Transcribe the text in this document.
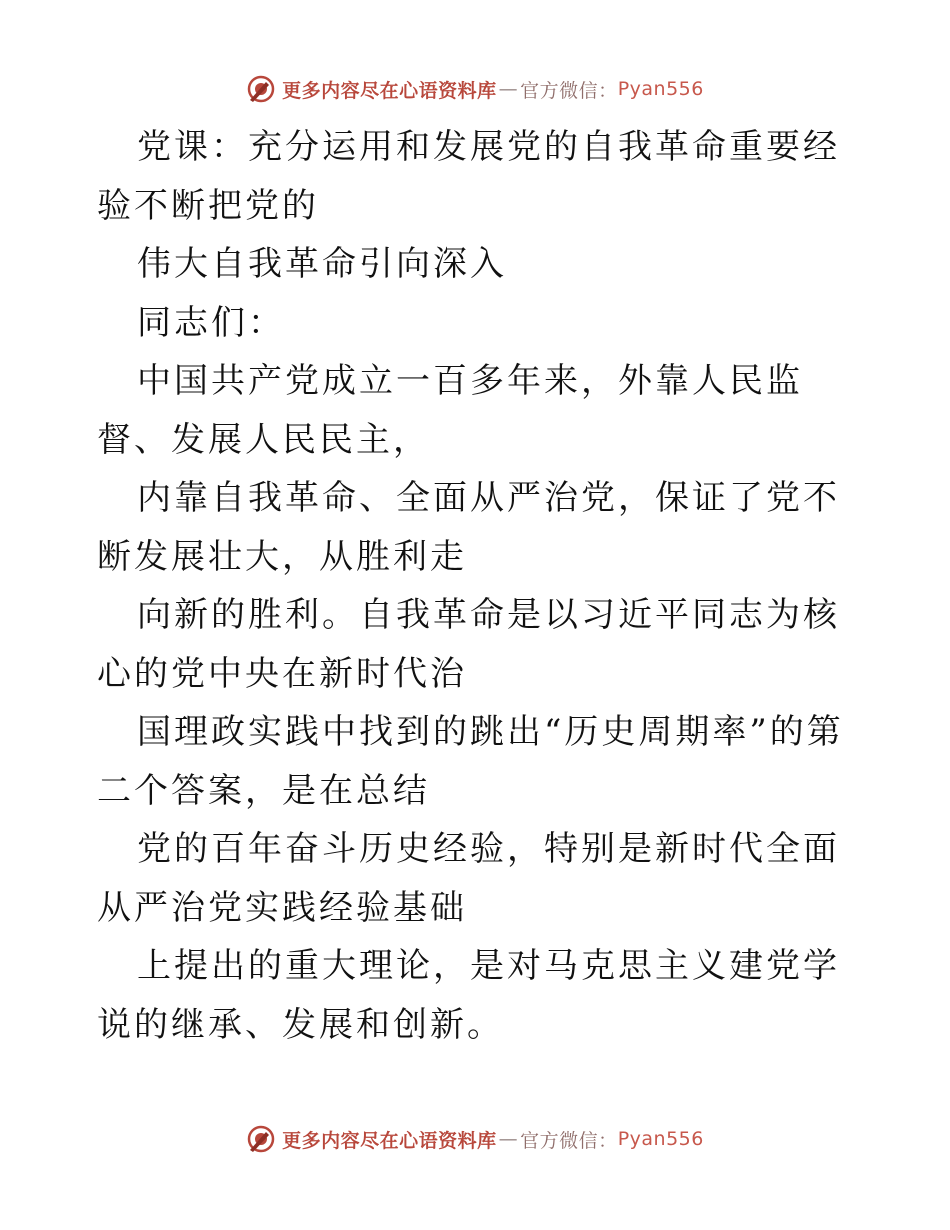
更多内容尽在心语资料库 — 官方微信： Pyan556

党课：充分运用和发展党的自我革命重要经验不断把党的

伟大自我革命引向深入

同志们：

中国共产党成立一百多年来，外靠人民监督、发展人民民主，

内靠自我革命、全面从严治党，保证了党不断发展壮大，从胜利走

向新的胜利。自我革命是以习近平同志为核心的党中央在新时代治

国理政实践中找到的跳出“历史周期率”的第二个答案，是在总结

党的百年奋斗历史经验，特别是新时代全面从严治党实践经验基础

上提出的重大理论，是对马克思主义建党学说的继承、发展和创新。

更多内容尽在心语资料库 — 官方微信： Pyan556
